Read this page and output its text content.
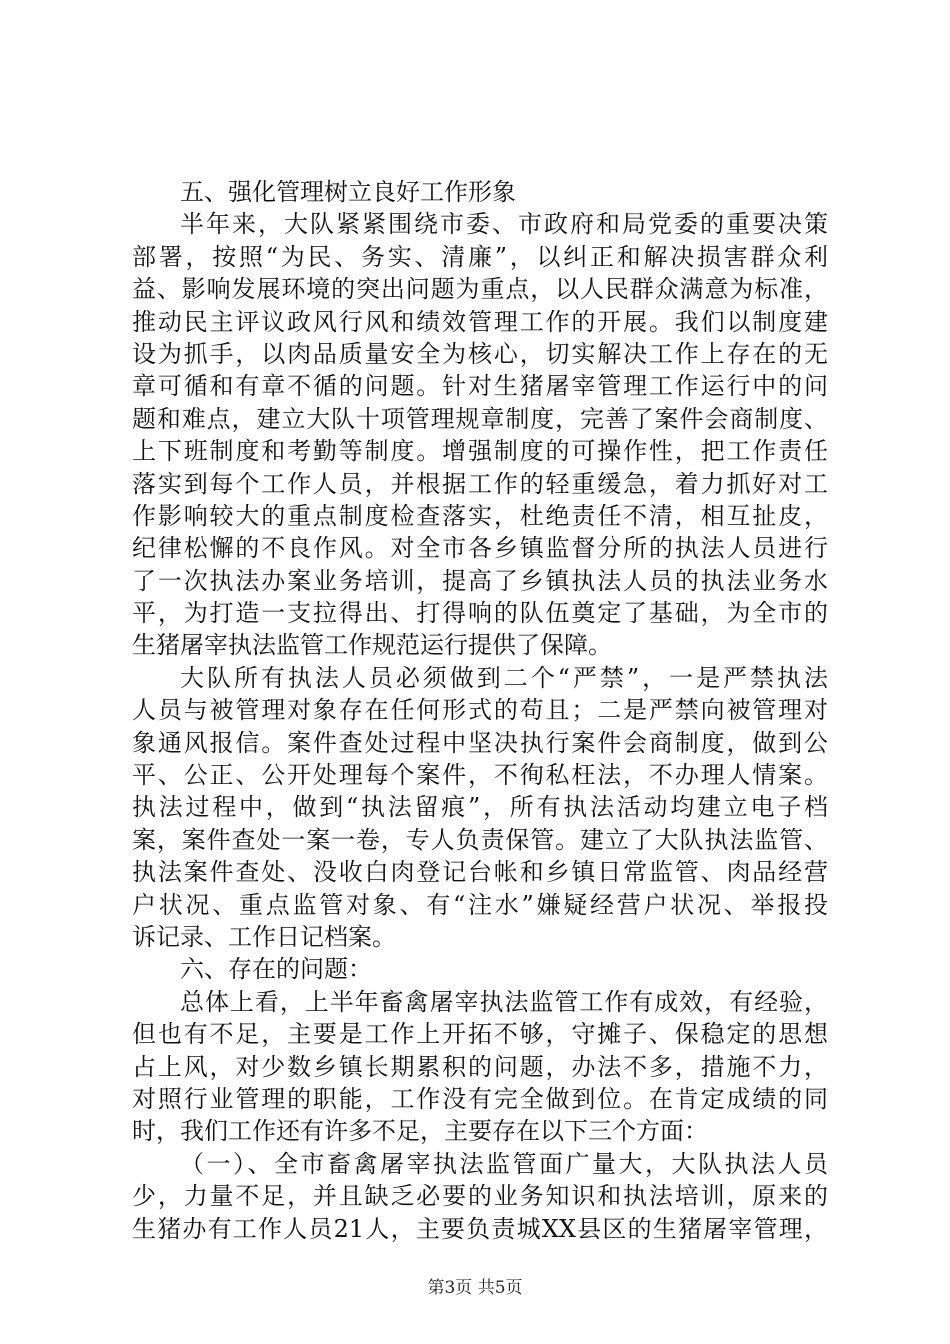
五、强化管理树立良好工作形象
半年来，大队紧紧围绕市委、市政府和局党委的重要决策
部署，按照“为民、务实、清廉”，以纠正和解决损害群众利
益、影响发展环境的突出问题为重点，以人民群众满意为标准，
推动民主评议政风行风和绩效管理工作的开展。我们以制度建
设为抓手，以肉品质量安全为核心，切实解决工作上存在的无
章可循和有章不循的问题。针对生猪屠宰管理工作运行中的问
题和难点，建立大队十项管理规章制度，完善了案件会商制度、
上下班制度和考勤等制度。增强制度的可操作性，把工作责任
落实到每个工作人员，并根据工作的轻重缓急，着力抓好对工
作影响较大的重点制度检查落实，杜绝责任不清，相互扯皮，
纪律松懈的不良作风。对全市各乡镇监督分所的执法人员进行
了一次执法办案业务培训，提高了乡镇执法人员的执法业务水
平，为打造一支拉得出、打得响的队伍奠定了基础，为全市的
生猪屠宰执法监管工作规范运行提供了保障。
大队所有执法人员必须做到二个“严禁”，一是严禁执法
人员与被管理对象存在任何形式的苟且；二是严禁向被管理对
象通风报信。案件查处过程中坚决执行案件会商制度，做到公
平、公正、公开处理每个案件，不徇私枉法，不办理人情案。
执法过程中，做到“执法留痕”，所有执法活动均建立电子档
案，案件查处一案一卷，专人负责保管。建立了大队执法监管、
执法案件查处、没收白肉登记台帐和乡镇日常监管、肉品经营
户状况、重点监管对象、有“注水”嫌疑经营户状况、举报投
诉记录、工作日记档案。
六、存在的问题：
总体上看，上半年畜禽屠宰执法监管工作有成效，有经验，
但也有不足，主要是工作上开拓不够，守摊子、保稳定的思想
占上风，对少数乡镇长期累积的问题，办法不多，措施不力，
对照行业管理的职能，工作没有完全做到位。在肯定成绩的同
时，我们工作还有许多不足，主要存在以下三个方面：
（一）、全市畜禽屠宰执法监管面广量大，大队执法人员
少，力量不足，并且缺乏必要的业务知识和执法培训，原来的
生猪办有工作人员21人，主要负责城XX县区的生猪屠宰管理，
第3页 共5页
